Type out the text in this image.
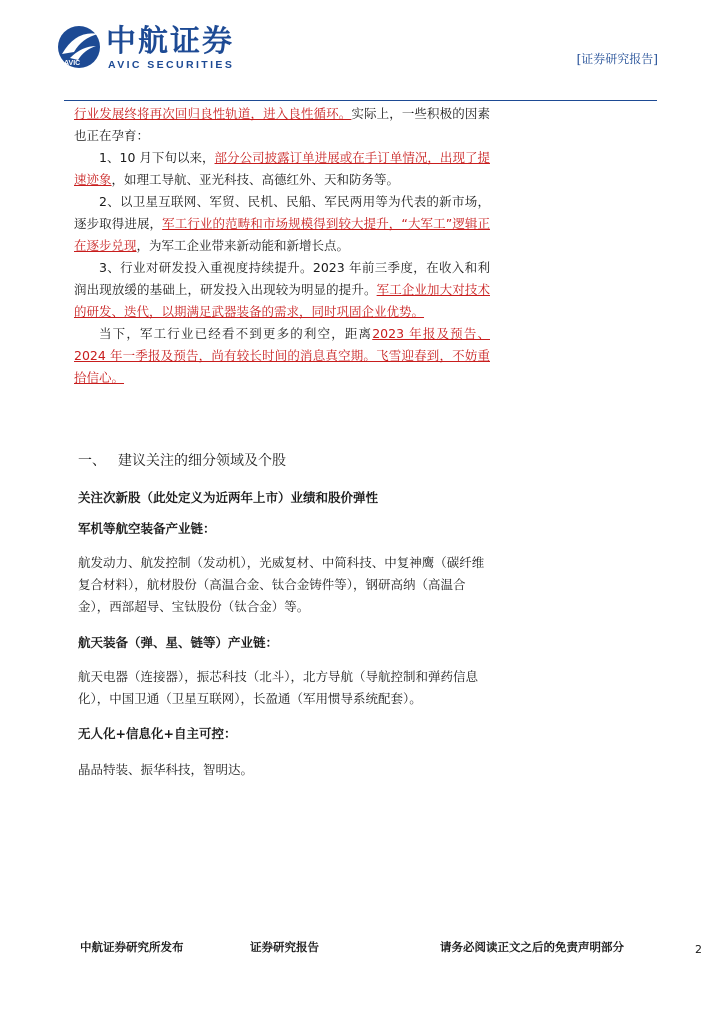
AVIC
中航证券
AVIC SECURITIES	[证券研究报告]

行业发展终将再次回归良性轨道，进入良性循环。实际上，一些积极的因素也正在孕育：

1、10 月下旬以来，部分公司披露订单进展或在手订单情况，出现了提速迹象，如理工导航、亚光科技、高德红外、天和防务等。

2、以卫星互联网、军贸、民机、民船、军民两用等为代表的新市场，逐步取得进展，军工行业的范畴和市场规模得到较大提升，“大军工”逻辑正在逐步兑现，为军工企业带来新动能和新增长点。

3、行业对研发投入重视度持续提升。2023 年前三季度，在收入和利润出现放缓的基础上，研发投入出现较为明显的提升。军工企业加大对技术的研发、迭代，以期满足武器装备的需求，同时巩固企业优势。

当下，军工行业已经看不到更多的利空，距离2023 年报及预告、2024 年一季报及预告，尚有较长时间的消息真空期。飞雪迎春到，不妨重拾信心。

一、 建议关注的细分领域及个股
关注次新股（此处定义为近两年上市）业绩和股价弹性
军机等航空装备产业链：
航发动力、航发控制（发动机），光威复材、中简科技、中复神鹰（碳纤维复合材料），航材股份（高温合金、钛合金铸件等），钢研高纳（高温合金），西部超导、宝钛股份（钛合金）等。
航天装备（弹、星、链等）产业链：
航天电器（连接器），振芯科技（北斗），北方导航（导航控制和弹药信息化），中国卫通（卫星互联网），长盈通（军用惯导系统配套）。
无人化+信息化+自主可控：
晶品特装、振华科技，智明达。
中航证券研究所发布	证券研究报告	请务必阅读正文之后的免责声明部分	2
